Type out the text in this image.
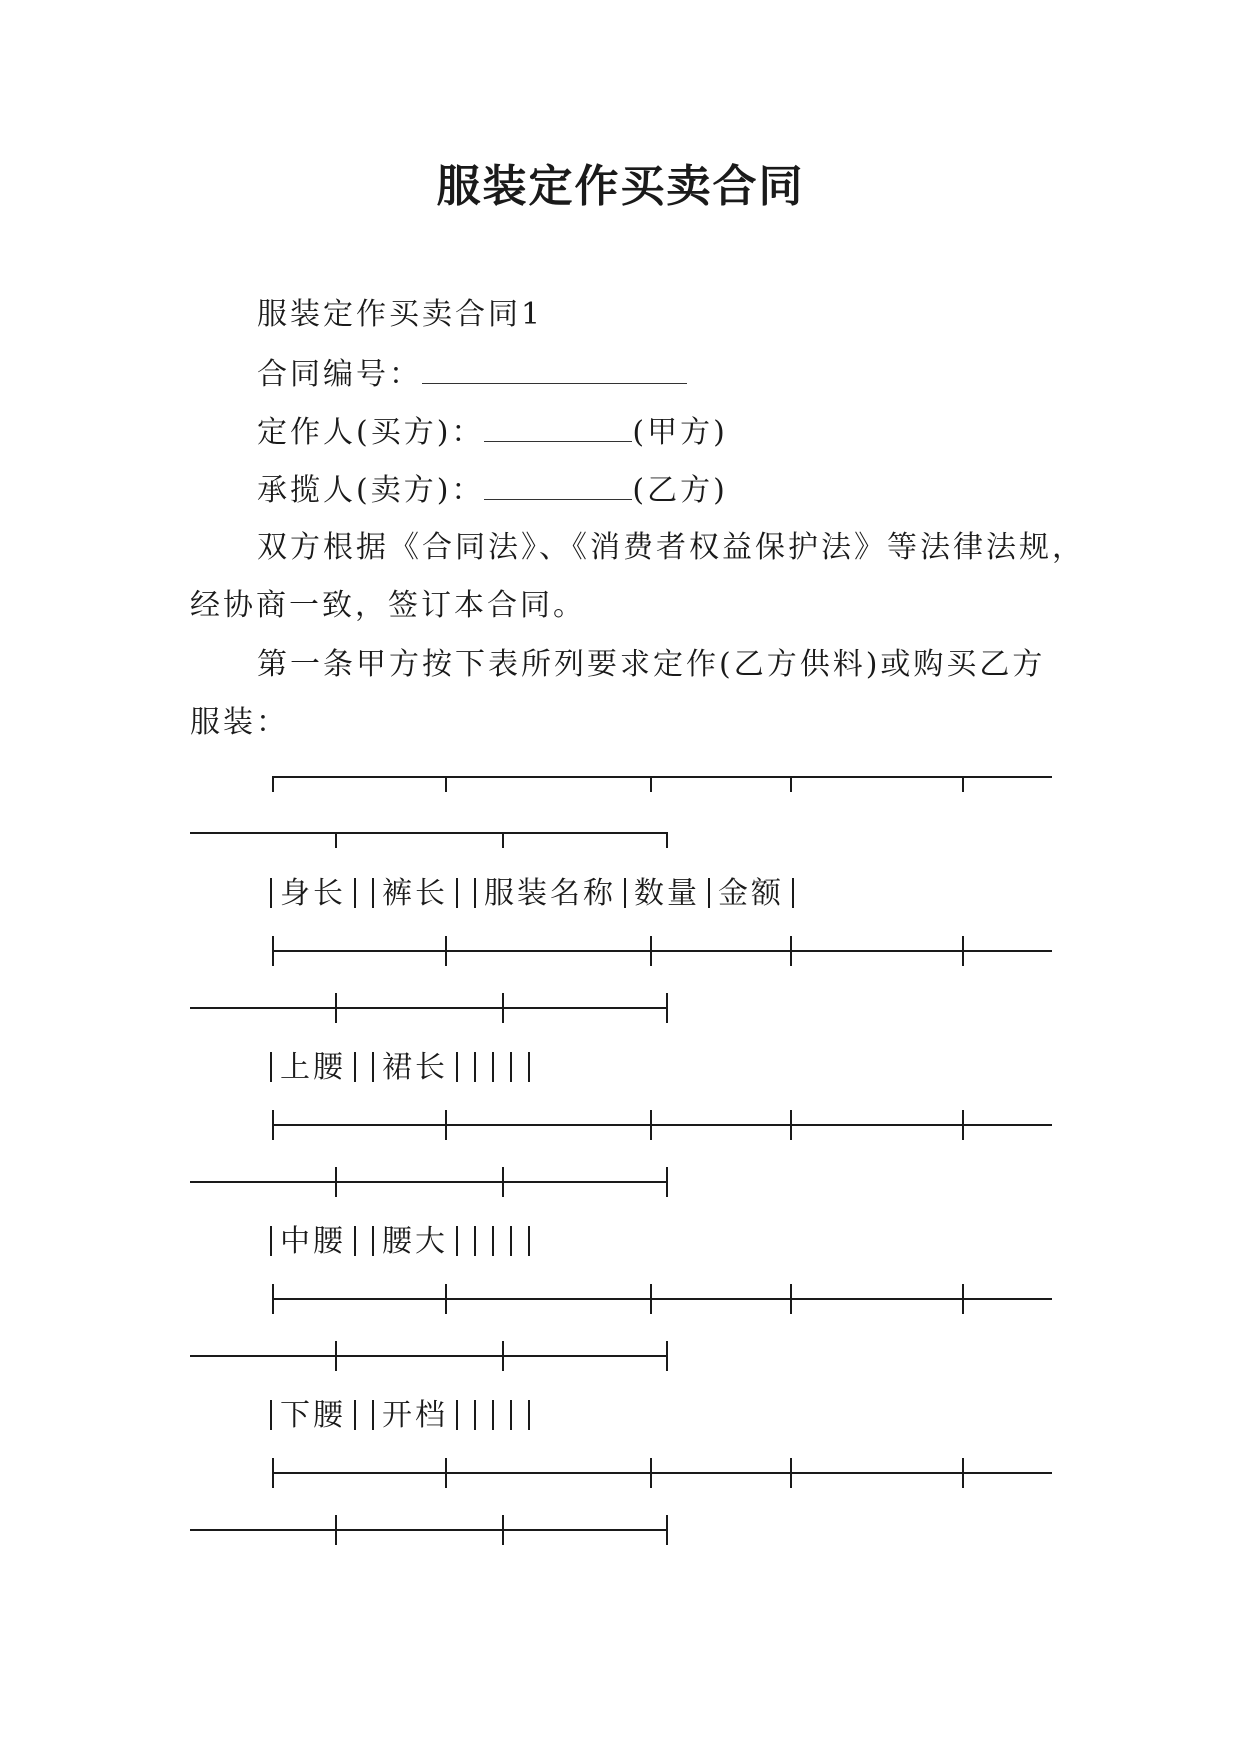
服装定作买卖合同
服装定作买卖合同1
合同编号：
定作人(买方)：	(甲方)
承揽人(卖方)：	(乙方)
双方根据《合同法》、《消费者权益保护法》等法律法规，
经协商一致，签订本合同。
第一条甲方按下表所列要求定作(乙方供料)或购买乙方
服装：
身长 裤长 服装名称 数量 金额
上腰 裙长
中腰 腰大
下腰 开档
